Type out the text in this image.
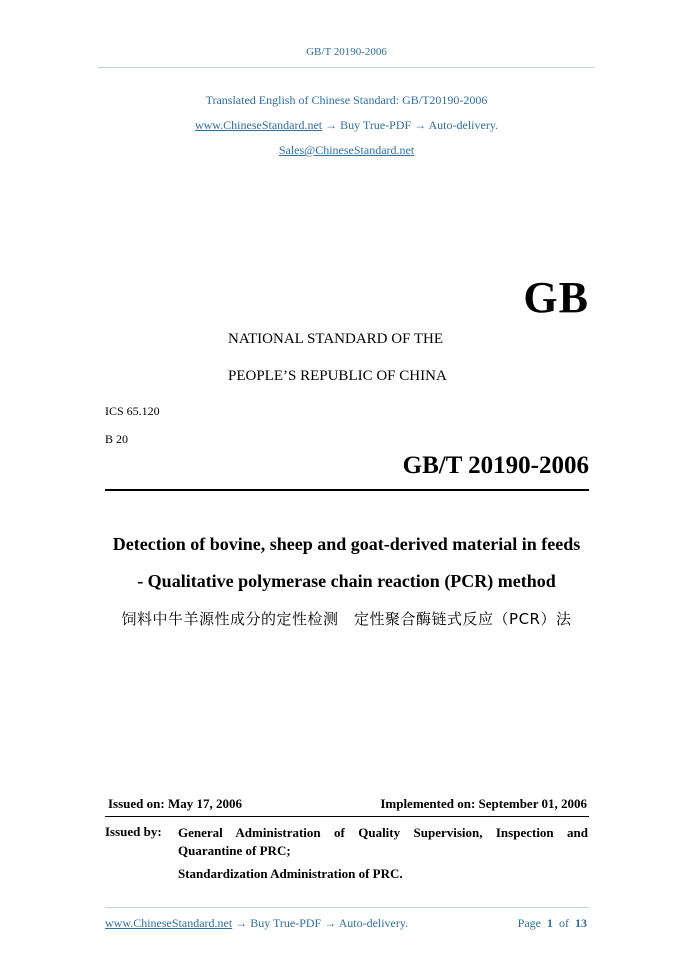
GB/T 20190-2006
Translated English of Chinese Standard: GB/T20190-2006
www.ChineseStandard.net → Buy True-PDF → Auto-delivery.
Sales@ChineseStandard.net
GB
NATIONAL STANDARD OF THE
PEOPLE’S REPUBLIC OF CHINA
ICS 65.120
B 20
GB/T 20190-2006
Detection of bovine, sheep and goat-derived material in feeds
- Qualitative polymerase chain reaction (PCR) method
饲料中牛羊源性成分的定性检测　定性聚合酶链式反应（PCR）法
Issued on: May 17, 2006	Implemented on: September 01, 2006
Issued by: General Administration of Quality Supervision, Inspection and Quarantine of PRC;
Standardization Administration of PRC.
www.ChineseStandard.net → Buy True-PDF → Auto-delivery.	Page 1 of 13
